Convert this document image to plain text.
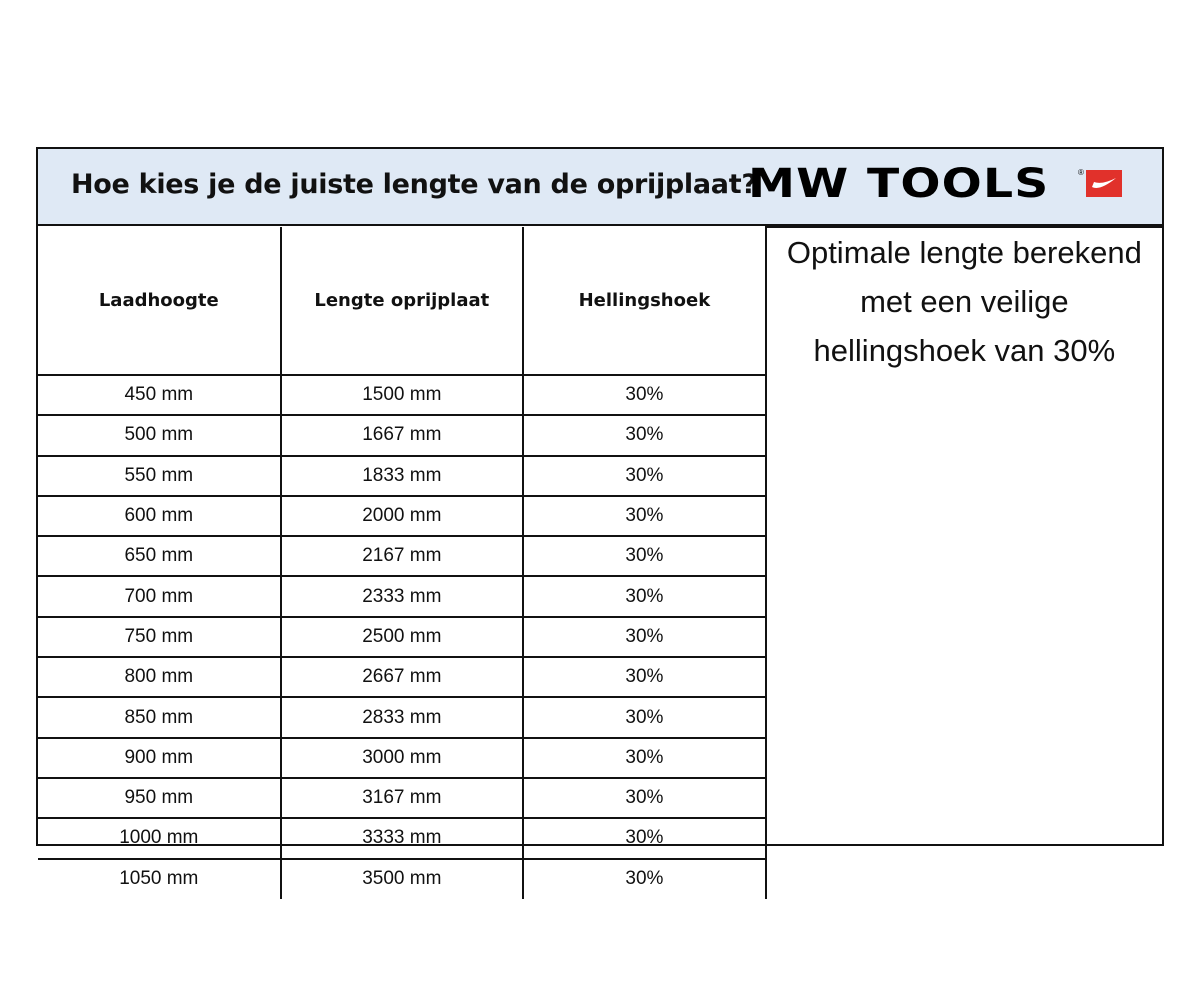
Hoe kies je de juiste lengte van de oprijplaat?
MW TOOLS	®
Laadhoogte	Lengte oprijplaat	Hellingshoek	Optimale lengte berekend
met een veilige
hellingshoek van 30%

450 mm	1500 mm	30%	
500 mm	1667 mm	30%	
550 mm	1833 mm	30%	
600 mm	2000 mm	30%	
650 mm	2167 mm	30%	
700 mm	2333 mm	30%	
750 mm	2500 mm	30%	
800 mm	2667 mm	30%	
850 mm	2833 mm	30%	
900 mm	3000 mm	30%	
950 mm	3167 mm	30%	
1000 mm	3333 mm	30%	
1050 mm	3500 mm	30%	
